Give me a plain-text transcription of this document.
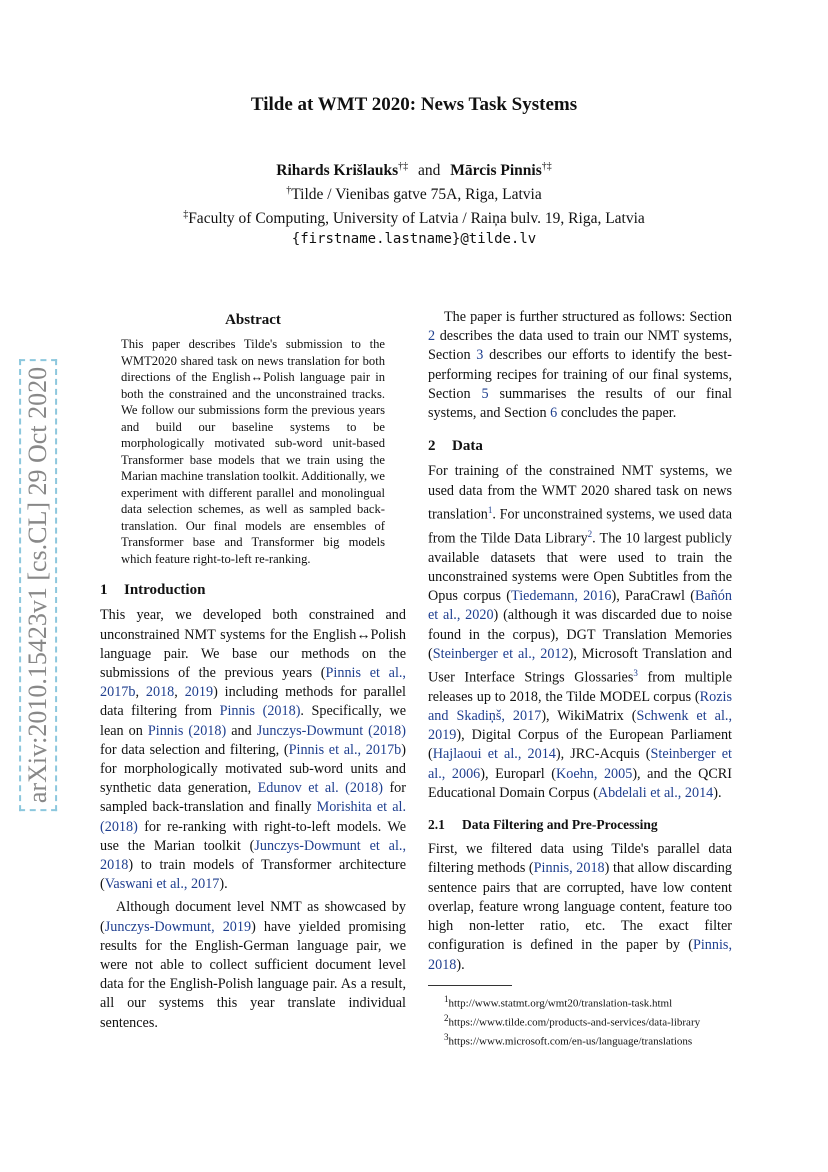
Tilde at WMT 2020: News Task Systems
Rihards Krišlauks†‡ and Mārcis Pinnis†‡
†Tilde / Vienibas gatve 75A, Riga, Latvia
‡Faculty of Computing, University of Latvia / Raiņa bulv. 19, Riga, Latvia
{firstname.lastname}@tilde.lv
arXiv:2010.15423v1 [cs.CL] 29 Oct 2020
Abstract
This paper describes Tilde's submission to the WMT2020 shared task on news translation for both directions of the English↔Polish language pair in both the constrained and the unconstrained tracks. We follow our submissions form the previous years and build our baseline systems to be morphologically motivated sub-word unit-based Transformer base models that we train using the Marian machine translation toolkit. Additionally, we experiment with different parallel and monolingual data selection schemes, as well as sampled back-translation. Our final models are ensembles of Transformer base and Transformer big models which feature right-to-left re-ranking.
1 Introduction

This year, we developed both constrained and unconstrained NMT systems for the English↔Polish language pair. We base our methods on the submissions of the previous years (Pinnis et al., 2017b, 2018, 2019) including methods for parallel data filtering from Pinnis (2018). Specifically, we lean on Pinnis (2018) and Junczys-Dowmunt (2018) for data selection and filtering, (Pinnis et al., 2017b) for morphologically motivated sub-word units and synthetic data generation, Edunov et al. (2018) for sampled back-translation and finally Morishita et al. (2018) for re-ranking with right-to-left models. We use the Marian toolkit (Junczys-Dowmunt et al., 2018) to train models of Transformer architecture (Vaswani et al., 2017).

Although document level NMT as showcased by (Junczys-Dowmunt, 2019) have yielded promising results for the English-German language pair, we were not able to collect sufficient document level data for the English-Polish language pair. As a result, all our systems this year translate individual sentences.

The paper is further structured as follows: Section 2 describes the data used to train our NMT systems, Section 3 describes our efforts to identify the best-performing recipes for training of our final systems, Section 5 summarises the results of our final systems, and Section 6 concludes the paper.

2 Data

For training of the constrained NMT systems, we used data from the WMT 2020 shared task on news translation$^1$. For unconstrained systems, we used data from the Tilde Data Library$^2$. The 10 largest publicly available datasets that were used to train the unconstrained systems were Open Subtitles from the Opus corpus (Tiedemann, 2016), ParaCrawl (Bañón et al., 2020) (although it was discarded due to noise found in the corpus), DGT Translation Memories (Steinberger et al., 2012), Microsoft Translation and User Interface Strings Glossaries$^3$ from multiple releases up to 2018, the Tilde MODEL corpus (Rozis and Skadiņš, 2017), WikiMatrix (Schwenk et al., 2019), Digital Corpus of the European Parliament (Hajlaoui et al., 2014), JRC-Acquis (Steinberger et al., 2006), Europarl (Koehn, 2005), and the QCRI Educational Domain Corpus (Abdelali et al., 2014).

2.1 Data Filtering and Pre-Processing

First, we filtered data using Tilde's parallel data filtering methods (Pinnis, 2018) that allow discarding sentence pairs that are corrupted, have low content overlap, feature wrong language content, feature too high non-letter ratio, etc. The exact filter configuration is defined in the paper by (Pinnis, 2018).

$^1$http://www.statmt.org/wmt20/translation-task.html
$^2$https://www.tilde.com/products-and-services/data-library
$^3$https://www.microsoft.com/en-us/language/translations
